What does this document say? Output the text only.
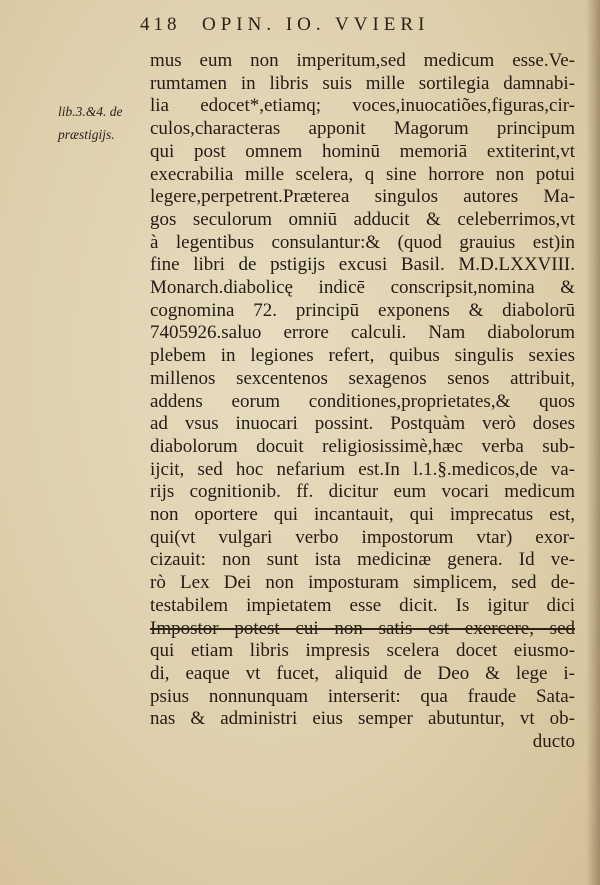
418 OPIN. IO. VVIERI
lib.3.&4. de
præstigijs.
mus eum non imperitum,sed medicum esse.Ve-
rumtamen in libris suis mille sortilegia damnabi-
lia edocet*,etiamq; voces,inuocatiões,figuras,cir-
culos,characteras apponit Magorum principum
qui post omnem hominū memoriā extiterint,vt
execrabilia mille scelera, q sine horrore non potui
legere,perpetrent.Præterea singulos autores Ma-
gos seculorum omniū adducit & celeberrimos,vt
à legentibus consulantur:& (quod grauius est)in
fine libri de pstigijs excusi Basil. M.D.LXXVIII.
Monarch.diabolicę indicē conscripsit,nomina &
cognomina 72. principū exponens & diabolorū
7405926.saluo errore calculi. Nam diabolorum
plebem in legiones refert, quibus singulis sexies
millenos sexcentenos sexagenos senos attribuit,
addens eorum conditiones,proprietates,& quos
ad vsus inuocari possint. Postquàm verò doses
diabolorum docuit religiosissimè,hæc verba sub-
ijcit, sed hoc nefarium est.In l.1.§.medicos,de va-
rijs cognitionib. ff. dicitur eum vocari medicum
non oportere qui incantauit, qui imprecatus est,
qui(vt vulgari verbo impostorum vtar) exor-
cizauit: non sunt ista medicinæ genera. Id ve-
rò Lex Dei non imposturam simplicem, sed de-
testabilem impietatem esse dicit. Is igitur dici
Impostor potest cui non satis est exercere, sed
qui etiam libris impresis scelera docet eiusmo-
di, eaque vt fucet, aliquid de Deo & lege i-
psius nonnunquam interserit: qua fraude Sata-
nas & administri eius semper abutuntur, vt ob-
ducto
